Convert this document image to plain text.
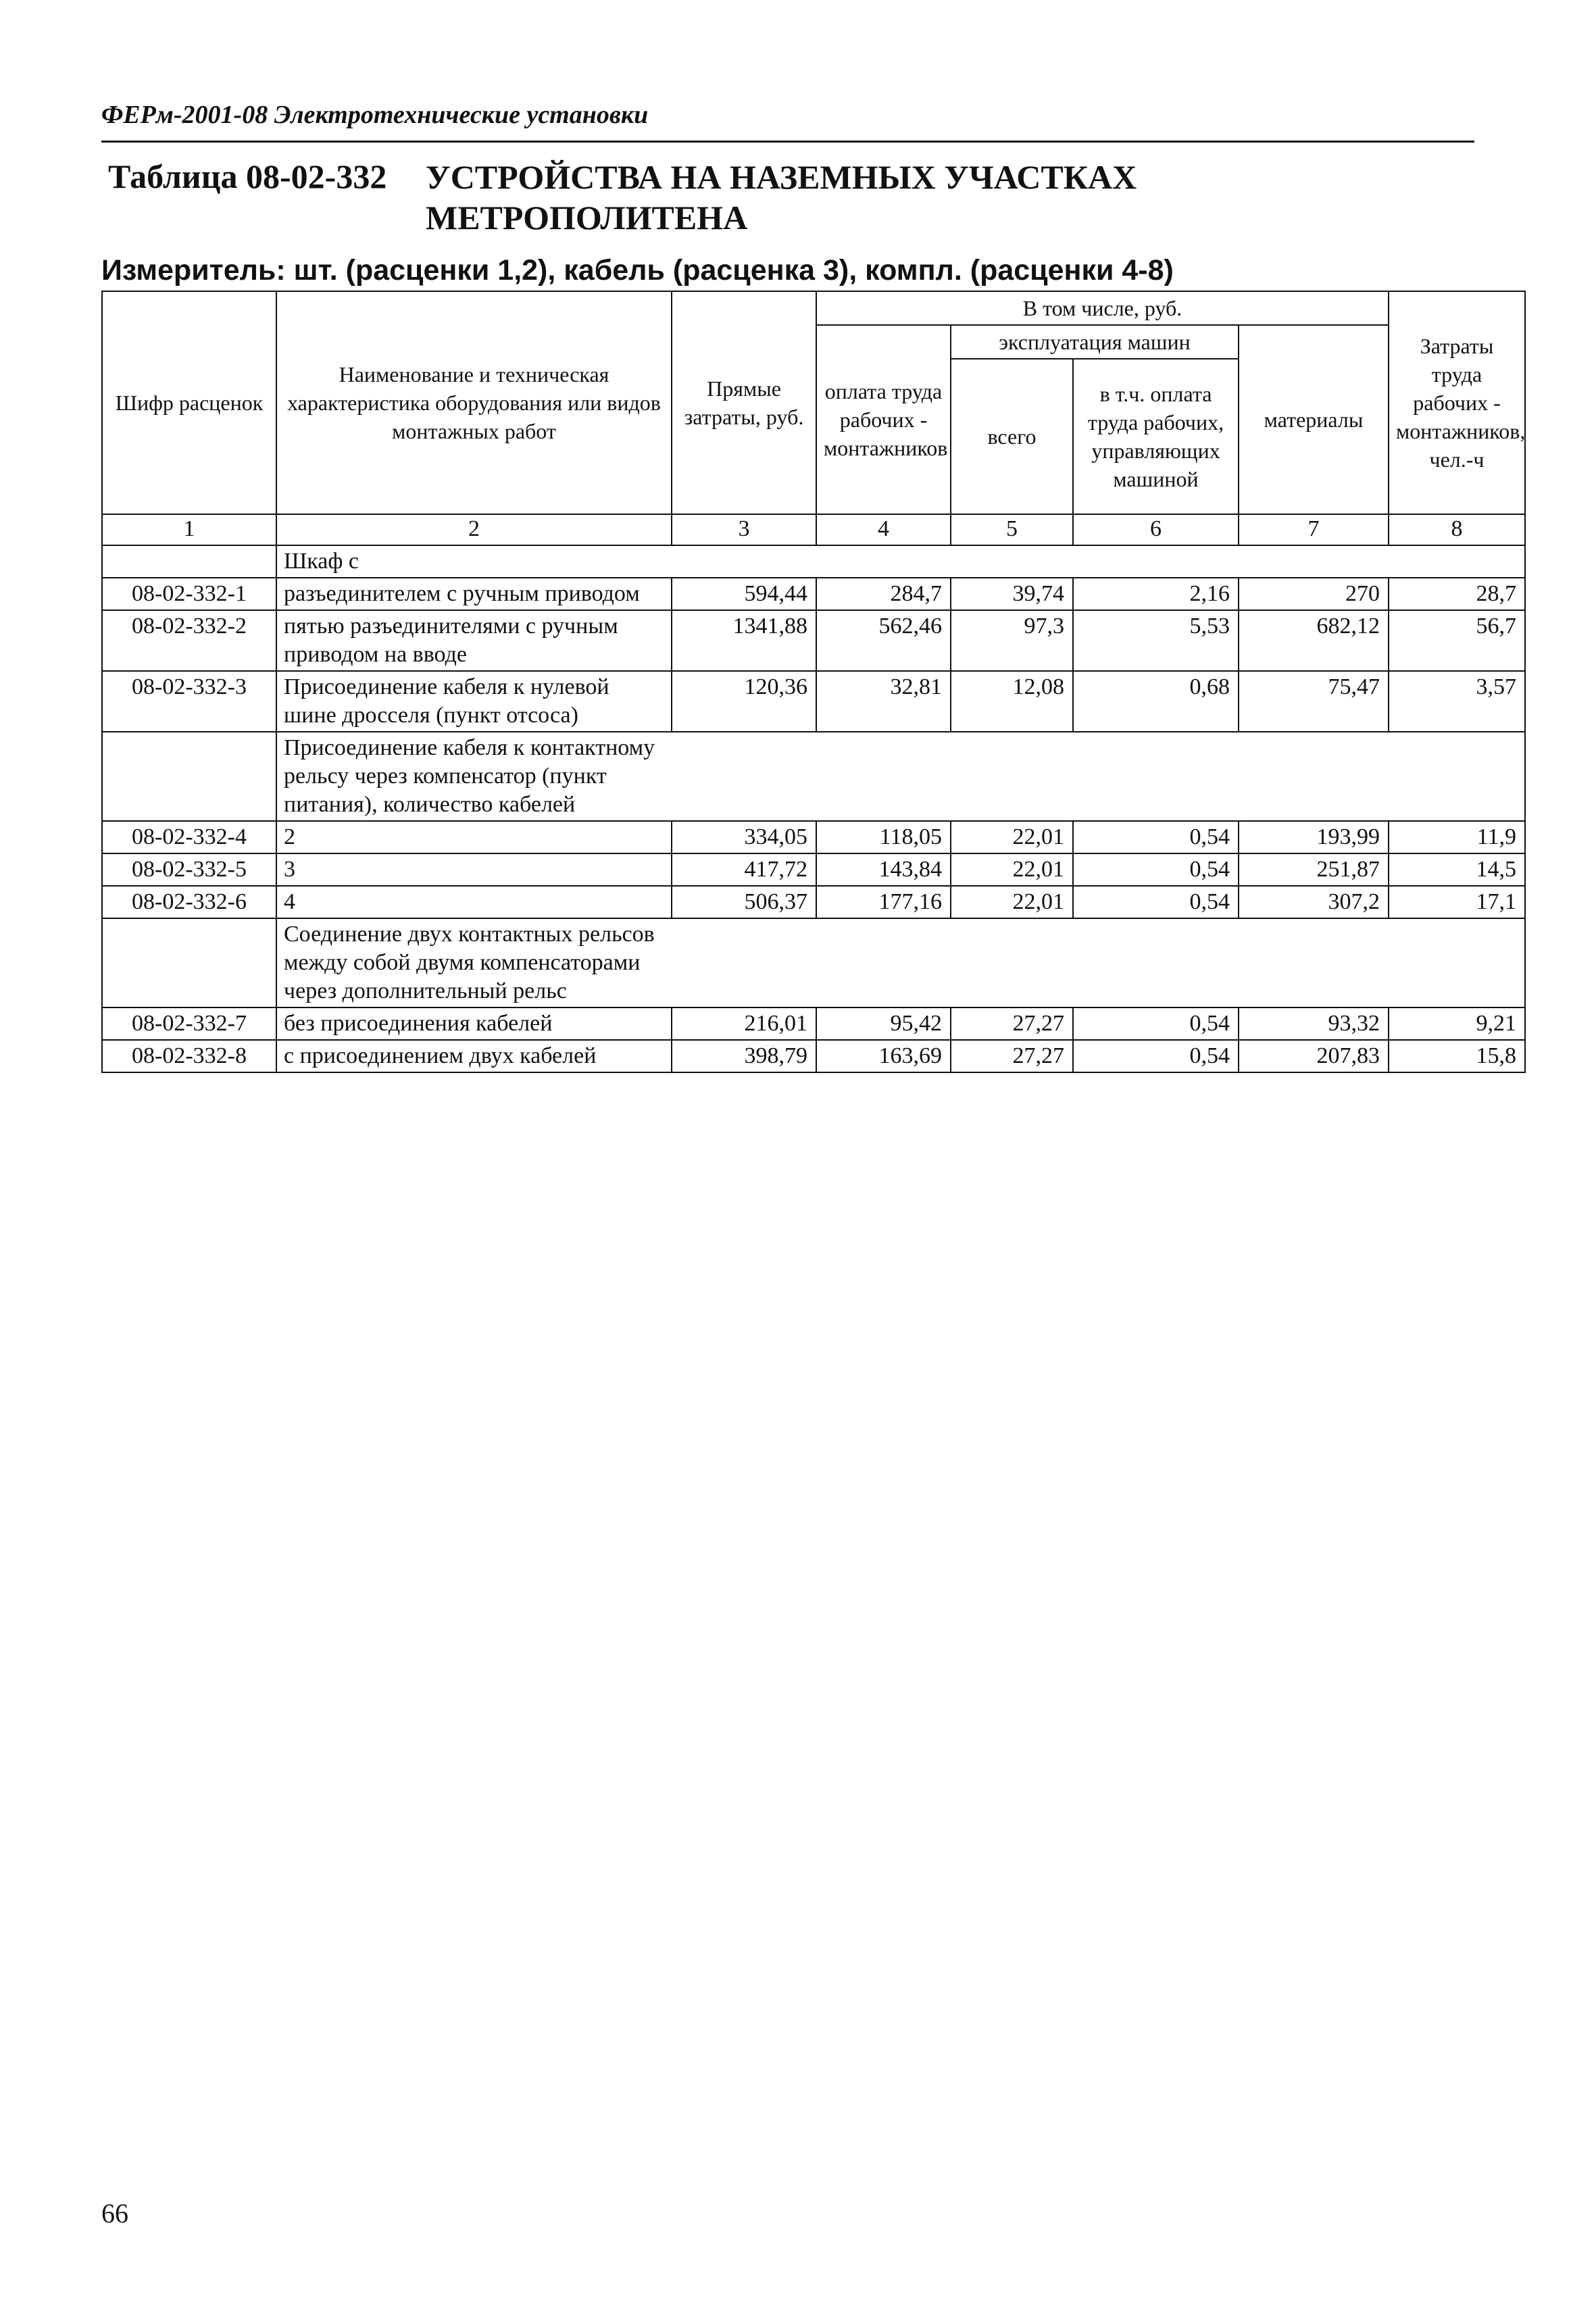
ФЕРм-2001-08 Электротехнические установки
Таблица 08-02-332 УСТРОЙСТВА НА НАЗЕМНЫХ УЧАСТКАХ МЕТРОПОЛИТЕНА
Измеритель: шт. (расценки 1,2), кабель (расценка 3), компл. (расценки 4-8)
Шифр расценок	Наименование и техническая характеристика оборудования или видов монтажных работ	Прямые затраты, руб.	В том числе, руб.				Затраты труда рабочих - монтажников, чел.-ч
			оплата труда рабочих - монтажников	эксплуатация машин		материалы	
				всего	в т.ч. оплата труда рабочих, управляющих машиной		
1	2	3	4	5	6	7	8
	Шкаф с						
08-02-332-1	разъединителем с ручным приводом	594,44	284,7	39,74	2,16	270	28,7
08-02-332-2	пятью разъединителями с ручным приводом на вводе	1341,88	562,46	97,3	5,53	682,12	56,7
08-02-332-3	Присоединение кабеля к нулевой шине дросселя (пункт отсоса)	120,36	32,81	12,08	0,68	75,47	3,57
	Присоединение кабеля к контактному рельсу через компенсатор (пункт питания), количество кабелей						
08-02-332-4	2	334,05	118,05	22,01	0,54	193,99	11,9
08-02-332-5	3	417,72	143,84	22,01	0,54	251,87	14,5
08-02-332-6	4	506,37	177,16	22,01	0,54	307,2	17,1
	Соединение двух контактных рельсов между собой двумя компенсаторами через дополнительный рельс						
08-02-332-7	без присоединения кабелей	216,01	95,42	27,27	0,54	93,32	9,21
08-02-332-8	с присоединением двух кабелей	398,79	163,69	27,27	0,54	207,83	15,8
66
